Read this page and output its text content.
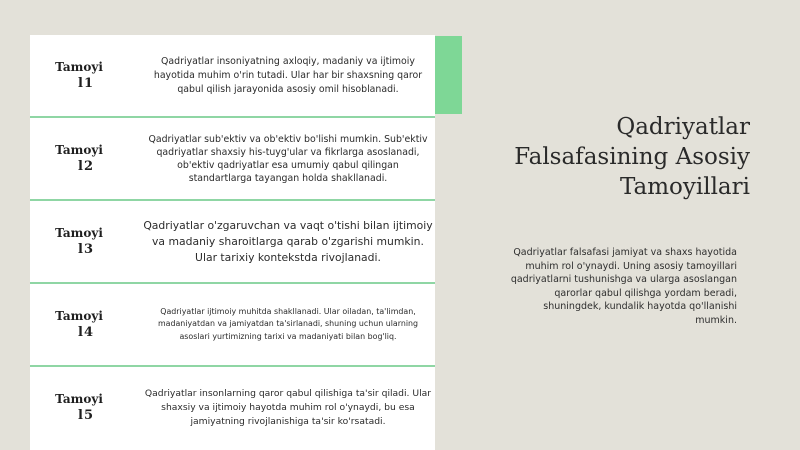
Tamoyi
l1
Qadriyatlar insoniyatning axloqiy, madaniy va ijtimoiy
hayotida muhim o'rin tutadi. Ular har bir shaxsning qaror
qabul qilish jarayonida asosiy omil hisoblanadi.
Tamoyi
l2
Qadriyatlar sub'ektiv va ob'ektiv bo'lishi mumkin. Sub'ektiv
qadriyatlar shaxsiy his-tuyg'ular va fikrlarga asoslanadi,
ob'ektiv qadriyatlar esa umumiy qabul qilingan
standartlarga tayangan holda shakllanadi.
Tamoyi
l3
Qadriyatlar o'zgaruvchan va vaqt o'tishi bilan ijtimoiy
va madaniy sharoitlarga qarab o'zgarishi mumkin.
Ular tarixiy kontekstda rivojlanadi.
Tamoyi
l4
Qadriyatlar ijtimoiy muhitda shakllanadi. Ular oiladan, ta'limdan,
madaniyatdan va jamiyatdan ta'sirlanadi, shuning uchun ularning
asoslari yurtimizning tarixi va madaniyati bilan bog'liq.
Tamoyi
l5
Qadriyatlar insonlarning qaror qabul qilishiga ta'sir qiladi. Ular
shaxsiy va ijtimoiy hayotda muhim rol o'ynaydi, bu esa
jamiyatning rivojlanishiga ta'sir ko'rsatadi.
Qadriyatlar
Falsafasining Asosiy
Tamoyillari
Qadriyatlar falsafasi jamiyat va shaxs hayotida
muhim rol o'ynaydi. Uning asosiy tamoyillari
qadriyatlarni tushunishga va ularga asoslangan
qarorlar qabul qilishga yordam beradi,
shuningdek, kundalik hayotda qo'llanishi
mumkin.
